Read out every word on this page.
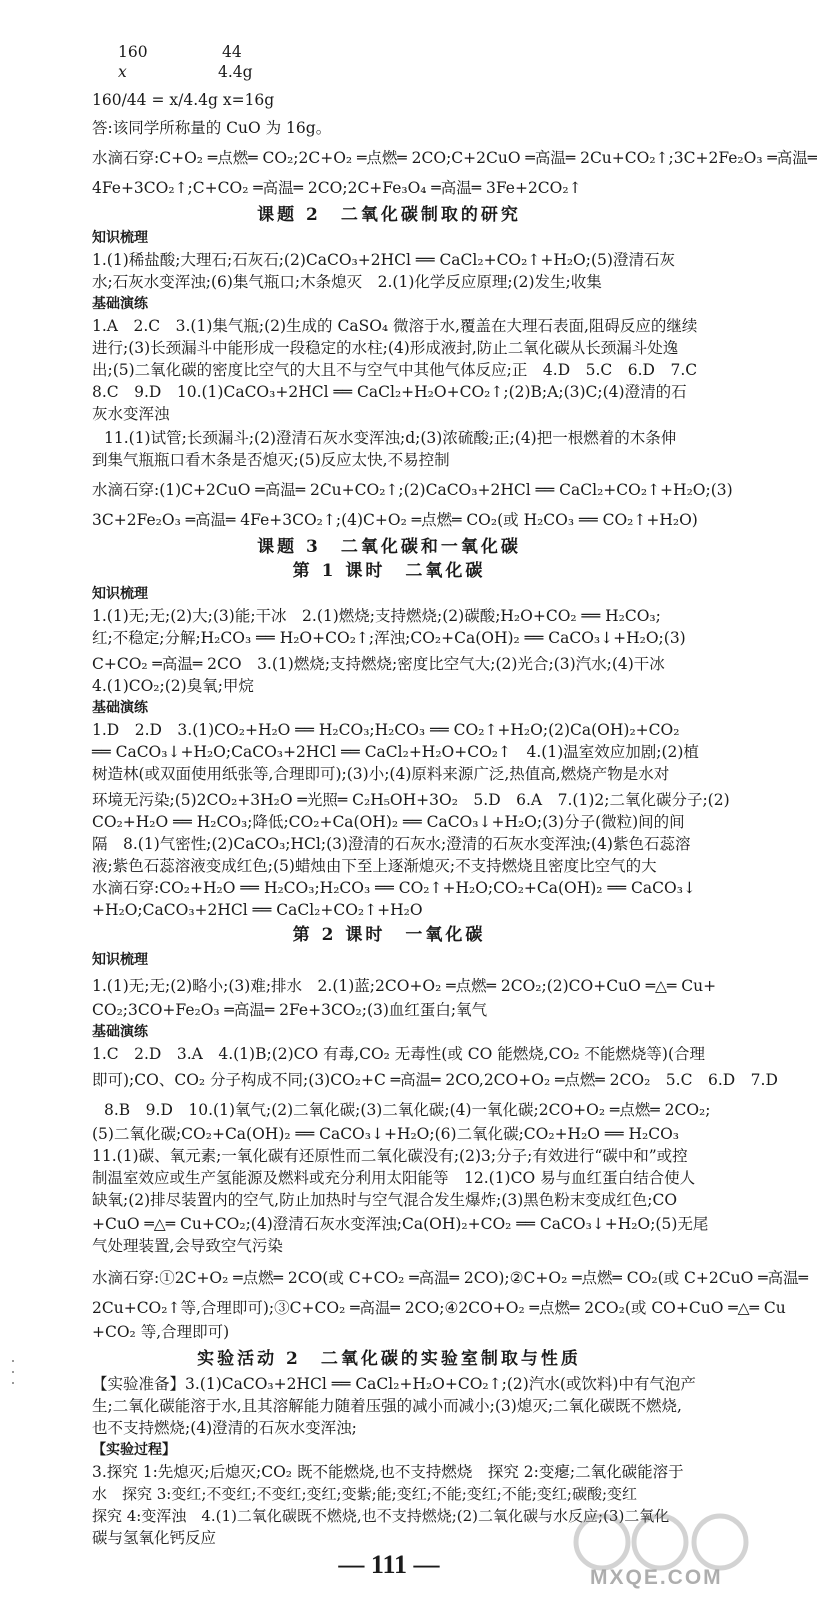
160	44
x	4.4g
160/44 = x/4.4g x=16g
答:该同学所称量的 CuO 为 16g。
水滴石穿:C+O₂ ═点燃═ CO₂;2C+O₂ ═点燃═ 2CO;C+2CuO ═高温═ 2Cu+CO₂↑;3C+2Fe₂O₃ ═高温═
4Fe+3CO₂↑;C+CO₂ ═高温═ 2CO;2C+Fe₃O₄ ═高温═ 3Fe+2CO₂↑
课题 2　二氧化碳制取的研究
知识梳理
1.(1)稀盐酸;大理石;石灰石;(2)CaCO₃+2HCl ══ CaCl₂+CO₂↑+H₂O;(5)澄清石灰
水;石灰水变浑浊;(6)集气瓶口;木条熄灭　2.(1)化学反应原理;(2)发生;收集
基础演练
1.A　2.C　3.(1)集气瓶;(2)生成的 CaSO₄ 微溶于水,覆盖在大理石表面,阻碍反应的继续
进行;(3)长颈漏斗中能形成一段稳定的水柱;(4)形成液封,防止二氧化碳从长颈漏斗处逸
出;(5)二氧化碳的密度比空气的大且不与空气中其他气体反应;正　4.D　5.C　6.D　7.C
8.C　9.D　10.(1)CaCO₃+2HCl ══ CaCl₂+H₂O+CO₂↑;(2)B;A;(3)C;(4)澄清的石
灰水变浑浊
11.(1)试管;长颈漏斗;(2)澄清石灰水变浑浊;d;(3)浓硫酸;正;(4)把一根燃着的木条伸
到集气瓶瓶口看木条是否熄灭;(5)反应太快,不易控制
水滴石穿:(1)C+2CuO ═高温═ 2Cu+CO₂↑;(2)CaCO₃+2HCl ══ CaCl₂+CO₂↑+H₂O;(3)
3C+2Fe₂O₃ ═高温═ 4Fe+3CO₂↑;(4)C+O₂ ═点燃═ CO₂(或 H₂CO₃ ══ CO₂↑+H₂O)
课题 3　二氧化碳和一氧化碳
第 1 课时　二氧化碳
知识梳理
1.(1)无;无;(2)大;(3)能;干冰　2.(1)燃烧;支持燃烧;(2)碳酸;H₂O+CO₂ ══ H₂CO₃;
红;不稳定;分解;H₂CO₃ ══ H₂O+CO₂↑;浑浊;CO₂+Ca(OH)₂ ══ CaCO₃↓+H₂O;(3)
C+CO₂ ═高温═ 2CO　3.(1)燃烧;支持燃烧;密度比空气大;(2)光合;(3)汽水;(4)干冰
4.(1)CO₂;(2)臭氧;甲烷
基础演练
1.D　2.D　3.(1)CO₂+H₂O ══ H₂CO₃;H₂CO₃ ══ CO₂↑+H₂O;(2)Ca(OH)₂+CO₂
══ CaCO₃↓+H₂O;CaCO₃+2HCl ══ CaCl₂+H₂O+CO₂↑　4.(1)温室效应加剧;(2)植
树造林(或双面使用纸张等,合理即可);(3)小;(4)原料来源广泛,热值高,燃烧产物是水对
环境无污染;(5)2CO₂+3H₂O ═光照═ C₂H₅OH+3O₂　5.D　6.A　7.(1)2;二氧化碳分子;(2)
CO₂+H₂O ══ H₂CO₃;降低;CO₂+Ca(OH)₂ ══ CaCO₃↓+H₂O;(3)分子(微粒)间的间
隔　8.(1)气密性;(2)CaCO₃;HCl;(3)澄清的石灰水;澄清的石灰水变浑浊;(4)紫色石蕊溶
液;紫色石蕊溶液变成红色;(5)蜡烛由下至上逐渐熄灭;不支持燃烧且密度比空气的大
水滴石穿:CO₂+H₂O ══ H₂CO₃;H₂CO₃ ══ CO₂↑+H₂O;CO₂+Ca(OH)₂ ══ CaCO₃↓
+H₂O;CaCO₃+2HCl ══ CaCl₂+CO₂↑+H₂O
第 2 课时　一氧化碳
知识梳理
1.(1)无;无;(2)略小;(3)难;排水　2.(1)蓝;2CO+O₂ ═点燃═ 2CO₂;(2)CO+CuO ═△═ Cu+
CO₂;3CO+Fe₂O₃ ═高温═ 2Fe+3CO₂;(3)血红蛋白;氧气
基础演练
1.C　2.D　3.A　4.(1)B;(2)CO 有毒,CO₂ 无毒性(或 CO 能燃烧,CO₂ 不能燃烧等)(合理
即可);CO、CO₂ 分子构成不同;(3)CO₂+C ═高温═ 2CO,2CO+O₂ ═点燃═ 2CO₂　5.C　6.D　7.D
8.B　9.D　10.(1)氧气;(2)二氧化碳;(3)二氧化碳;(4)一氧化碳;2CO+O₂ ═点燃═ 2CO₂;
(5)二氧化碳;CO₂+Ca(OH)₂ ══ CaCO₃↓+H₂O;(6)二氧化碳;CO₂+H₂O ══ H₂CO₃
11.(1)碳、氧元素;一氧化碳有还原性而二氧化碳没有;(2)3;分子;有效进行“碳中和”或控
制温室效应或生产氢能源及燃料或充分利用太阳能等　12.(1)CO 易与血红蛋白结合使人
缺氧;(2)排尽装置内的空气,防止加热时与空气混合发生爆炸;(3)黑色粉末变成红色;CO
+CuO ═△═ Cu+CO₂;(4)澄清石灰水变浑浊;Ca(OH)₂+CO₂ ══ CaCO₃↓+H₂O;(5)无尾
气处理装置,会导致空气污染
水滴石穿:①2C+O₂ ═点燃═ 2CO(或 C+CO₂ ═高温═ 2CO);②C+O₂ ═点燃═ CO₂(或 C+2CuO ═高温═
2Cu+CO₂↑等,合理即可);③C+CO₂ ═高温═ 2CO;④2CO+O₂ ═点燃═ 2CO₂(或 CO+CuO ═△═ Cu
+CO₂ 等,合理即可)
实验活动 2　二氧化碳的实验室制取与性质
【实验准备】3.(1)CaCO₃+2HCl ══ CaCl₂+H₂O+CO₂↑;(2)汽水(或饮料)中有气泡产
生;二氧化碳能溶于水,且其溶解能力随着压强的减小而减小;(3)熄灭;二氧化碳既不燃烧,
也不支持燃烧;(4)澄清的石灰水变浑浊;
【实验过程】
3.探究 1:先熄灭;后熄灭;CO₂ 既不能燃烧,也不支持燃烧　探究 2:变瘪;二氧化碳能溶于
水　探究 3:变红;不变红;不变红;变红;变紫;能;变红;不能;变红;不能;变红;碳酸;变红
探究 4:变浑浊　4.(1)二氧化碳既不燃烧,也不支持燃烧;(2)二氧化碳与水反应;(3)二氧化
碳与氢氧化钙反应
— 111 —	MXQE.COM
